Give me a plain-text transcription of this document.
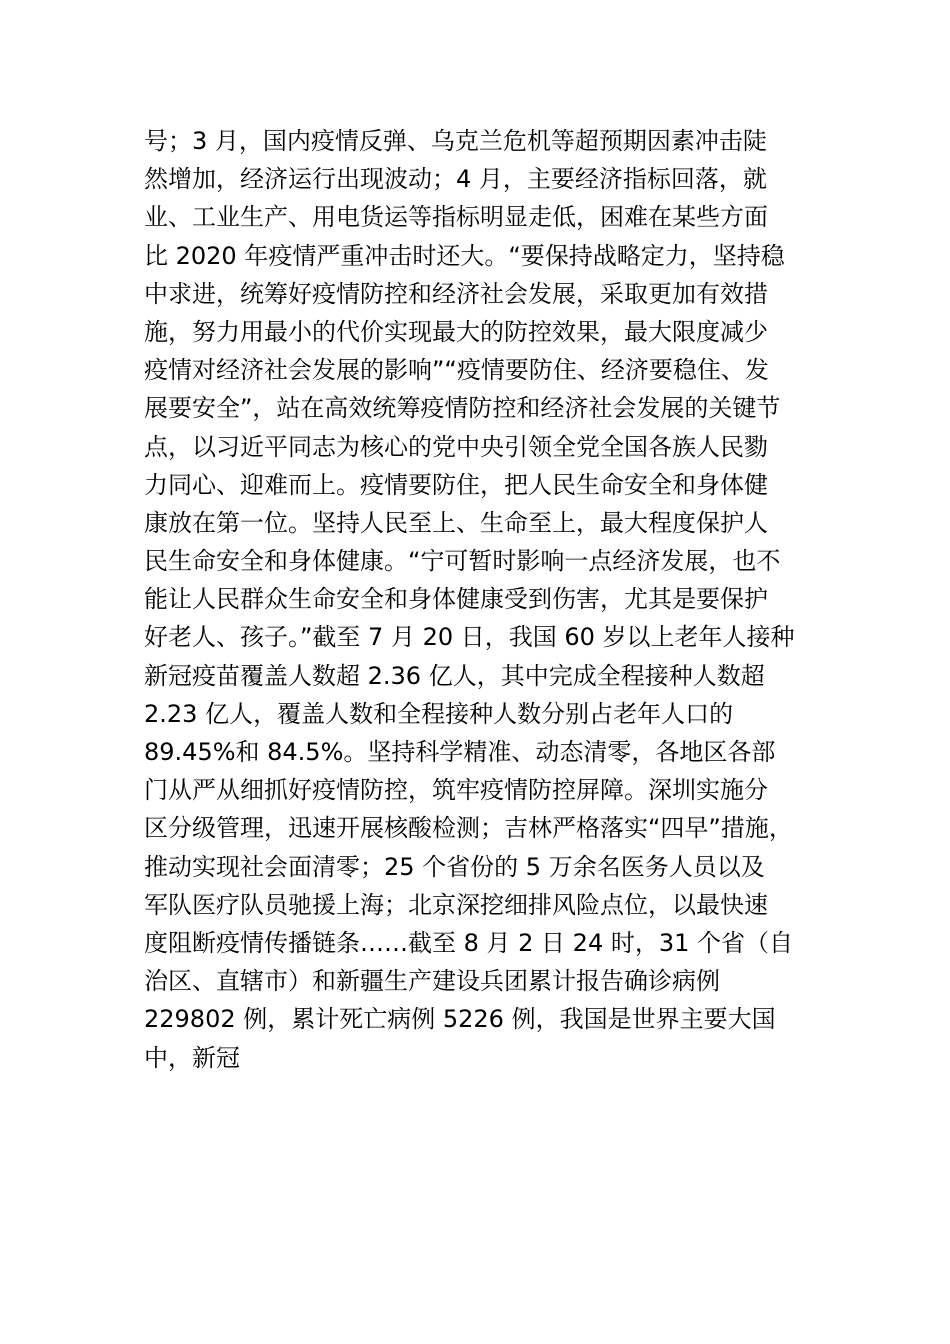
号；3 月，国内疫情反弹、乌克兰危机等超预期因素冲击陡
然增加，经济运行出现波动；4 月，主要经济指标回落，就
业、工业生产、用电货运等指标明显走低，困难在某些方面
比 2020 年疫情严重冲击时还大。“要保持战略定力，坚持稳
中求进，统筹好疫情防控和经济社会发展，采取更加有效措
施，努力用最小的代价实现最大的防控效果，最大限度减少
疫情对经济社会发展的影响”“疫情要防住、经济要稳住、发
展要安全”，站在高效统筹疫情防控和经济社会发展的关键节
点，以习近平同志为核心的党中央引领全党全国各族人民勠
力同心、迎难而上。疫情要防住，把人民生命安全和身体健
康放在第一位。坚持人民至上、生命至上，最大程度保护人
民生命安全和身体健康。“宁可暂时影响一点经济发展，也不
能让人民群众生命安全和身体健康受到伤害，尤其是要保护
好老人、孩子。”截至 7 月 20 日，我国 60 岁以上老年人接种
新冠疫苗覆盖人数超 2.36 亿人，其中完成全程接种人数超
2.23 亿人，覆盖人数和全程接种人数分别占老年人口的
89.45%和 84.5%。坚持科学精准、动态清零，各地区各部
门从严从细抓好疫情防控，筑牢疫情防控屏障。深圳实施分
区分级管理，迅速开展核酸检测；吉林严格落实“四早”措施，
推动实现社会面清零；25 个省份的 5 万余名医务人员以及
军队医疗队员驰援上海；北京深挖细排风险点位，以最快速
度阻断疫情传播链条……截至 8 月 2 日 24 时，31 个省（自
治区、直辖市）和新疆生产建设兵团累计报告确诊病例
229802 例，累计死亡病例 5226 例，我国是世界主要大国
中，新冠
